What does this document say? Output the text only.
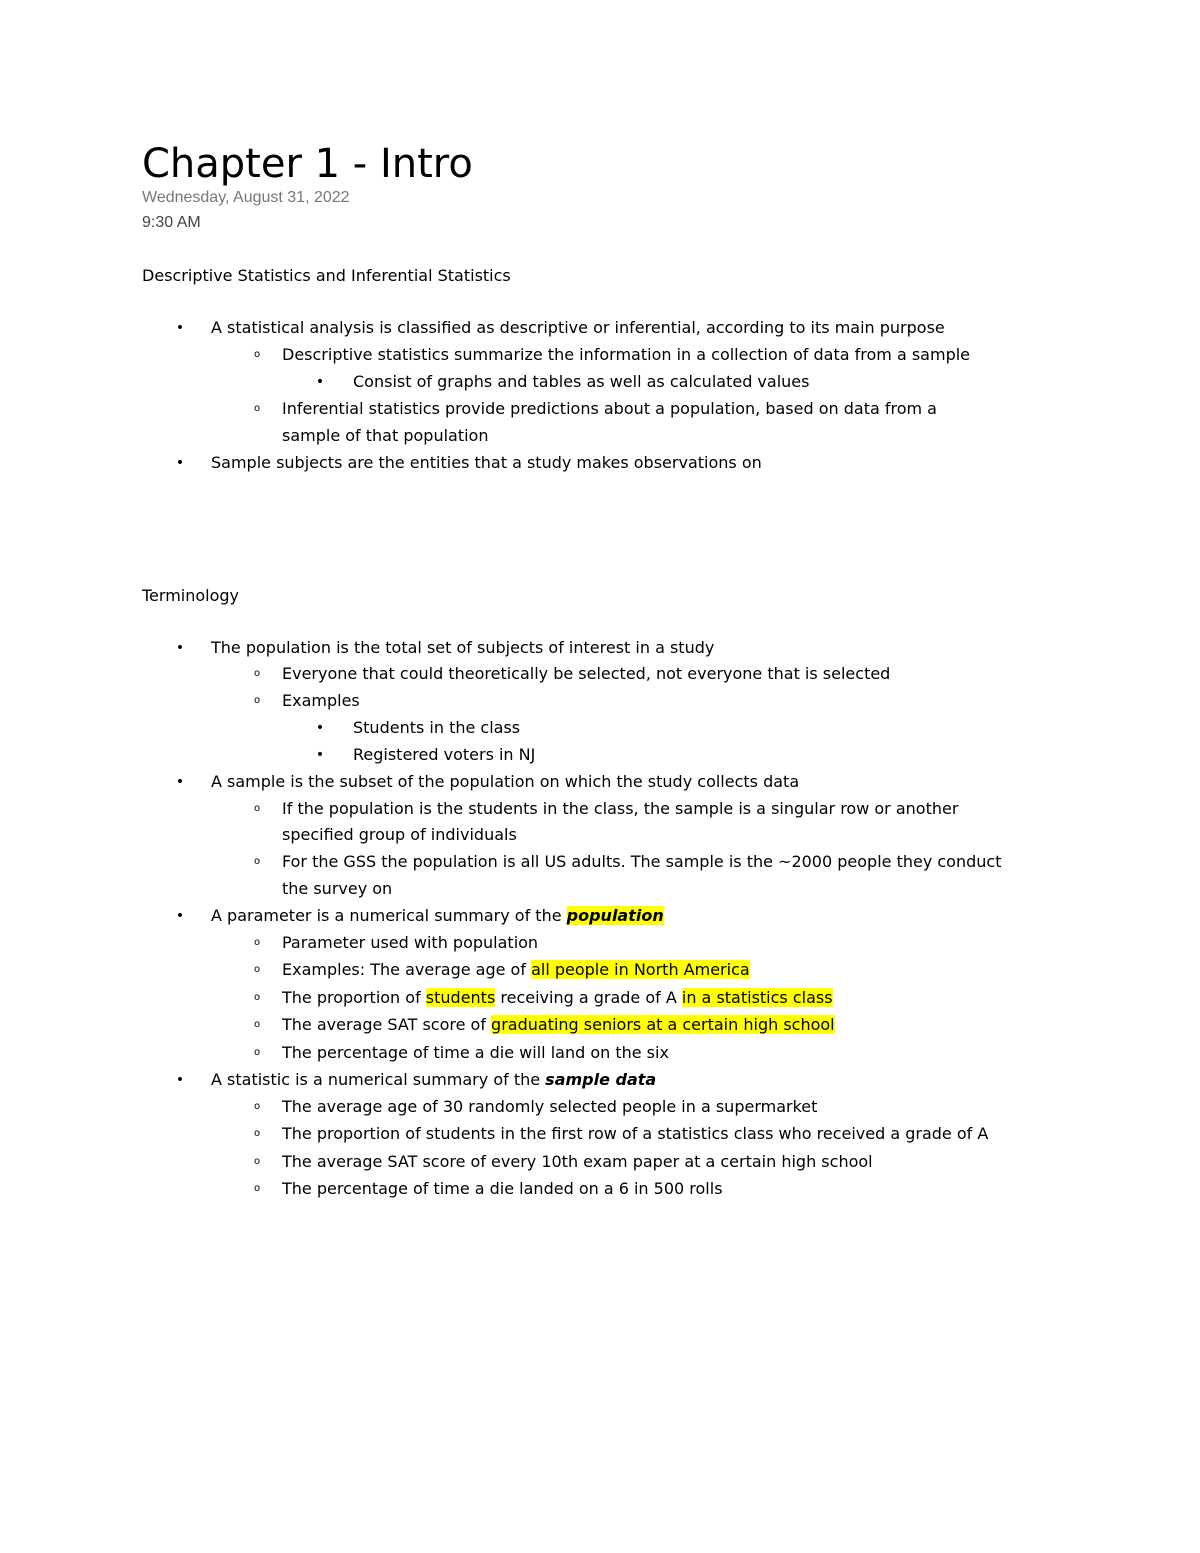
Chapter 1 - Intro
Wednesday, August 31, 2022
9:30 AM
Descriptive Statistics and Inferential Statistics
•	A statistical analysis is classified as descriptive or inferential, according to its main purpose
o	Descriptive statistics summarize the information in a collection of data from a sample
•	Consist of graphs and tables as well as calculated values
o	Inferential statistics provide predictions about a population, based on data from a
sample of that population
•	Sample subjects are the entities that a study makes observations on
Terminology
•	The population is the total set of subjects of interest in a study
o	Everyone that could theoretically be selected, not everyone that is selected
o	Examples
•	Students in the class
•	Registered voters in NJ
•	A sample is the subset of the population on which the study collects data
o	If the population is the students in the class, the sample is a singular row or another
specified group of individuals
o	For the GSS the population is all US adults. The sample is the ~2000 people they conduct
the survey on
•	A parameter is a numerical summary of the population
o	Parameter used with population
o	Examples: The average age of all people in North America
o	The proportion of students receiving a grade of A in a statistics class
o	The average SAT score of graduating seniors at a certain high school
o	The percentage of time a die will land on the six
•	A statistic is a numerical summary of the sample data
o	The average age of 30 randomly selected people in a supermarket
o	The proportion of students in the first row of a statistics class who received a grade of A
o	The average SAT score of every 10th exam paper at a certain high school
o	The percentage of time a die landed on a 6 in 500 rolls
